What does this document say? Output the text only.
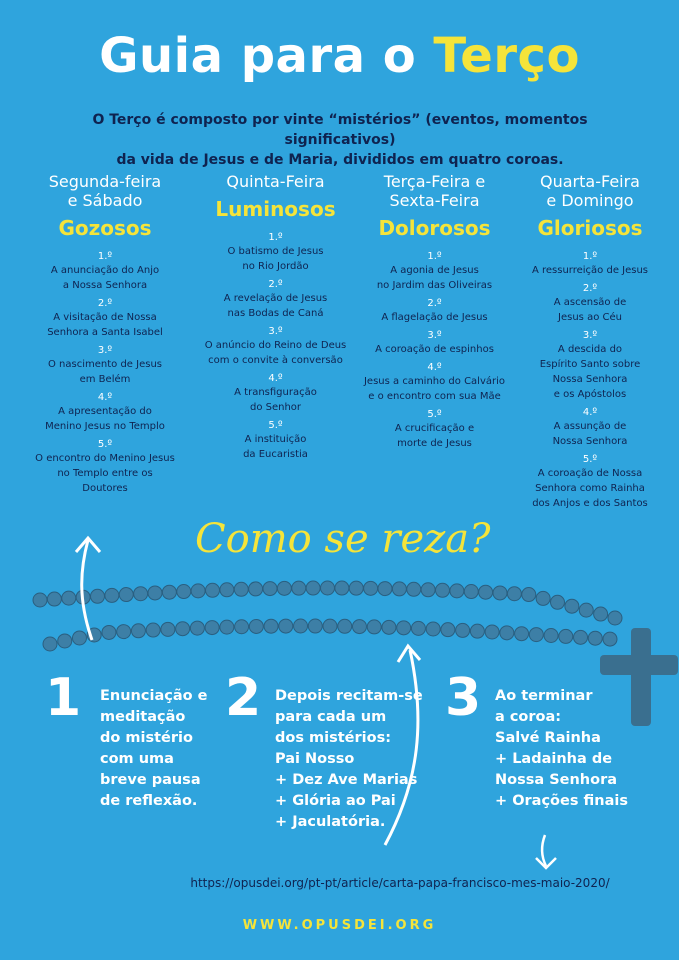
Guia para o Terço
O Terço é composto por vinte “mistérios” (eventos, momentos significativos)
da vida de Jesus e de Maria, divididos em quatro coroas.
Segunda-feira
e Sábado
Gozosos
1.º
A anunciação do Anjo
a Nossa Senhora
2.º
A visitação de Nossa
Senhora a Santa Isabel
3.º
O nascimento de Jesus
em Belém
4.º
A apresentação do
Menino Jesus no Templo
5.º
O encontro do Menino Jesus
no Templo entre os Doutores
Quinta-Feira
Luminosos
1.º
O batismo de Jesus
no Rio Jordão
2.º
A revelação de Jesus
nas Bodas de Caná
3.º
O anúncio do Reino de Deus
com o convite à conversão
4.º
A transfiguração
do Senhor
5.º
A instituição
da Eucaristia
Terça-Feira e
Sexta-Feira
Dolorosos
1.º
A agonia de Jesus
no Jardim das Oliveiras
2.º
A flagelação de Jesus
3.º
A coroação de espinhos
4.º
Jesus a caminho do Calvário
e o encontro com sua Mãe
5.º
A crucificação e
morte de Jesus
Quarta-Feira
e Domingo
Gloriosos
1.º
A ressurreição de Jesus
2.º
A ascensão de
Jesus ao Céu
3.º
A descida do
Espírito Santo sobre
Nossa Senhora
e os Apóstolos
4.º
A assunção de
Nossa Senhora
5.º
A coroação de Nossa
Senhora como Rainha
dos Anjos e dos Santos
Como se reza?
1 Enunciação e
meditação
do mistério
com uma
breve pausa
de reflexão.
2 Depois recitam-se
para cada um
dos mistérios:
Pai Nosso
+ Dez Ave Marias
+ Glória ao Pai
+ Jaculatória.
3 Ao terminar
a coroa:
Salvé Rainha
+ Ladainha de
Nossa Senhora
+ Orações finais
https://opusdei.org/pt-pt/article/carta-papa-francisco-mes-maio-2020/
WWW.OPUSDEI.ORG
